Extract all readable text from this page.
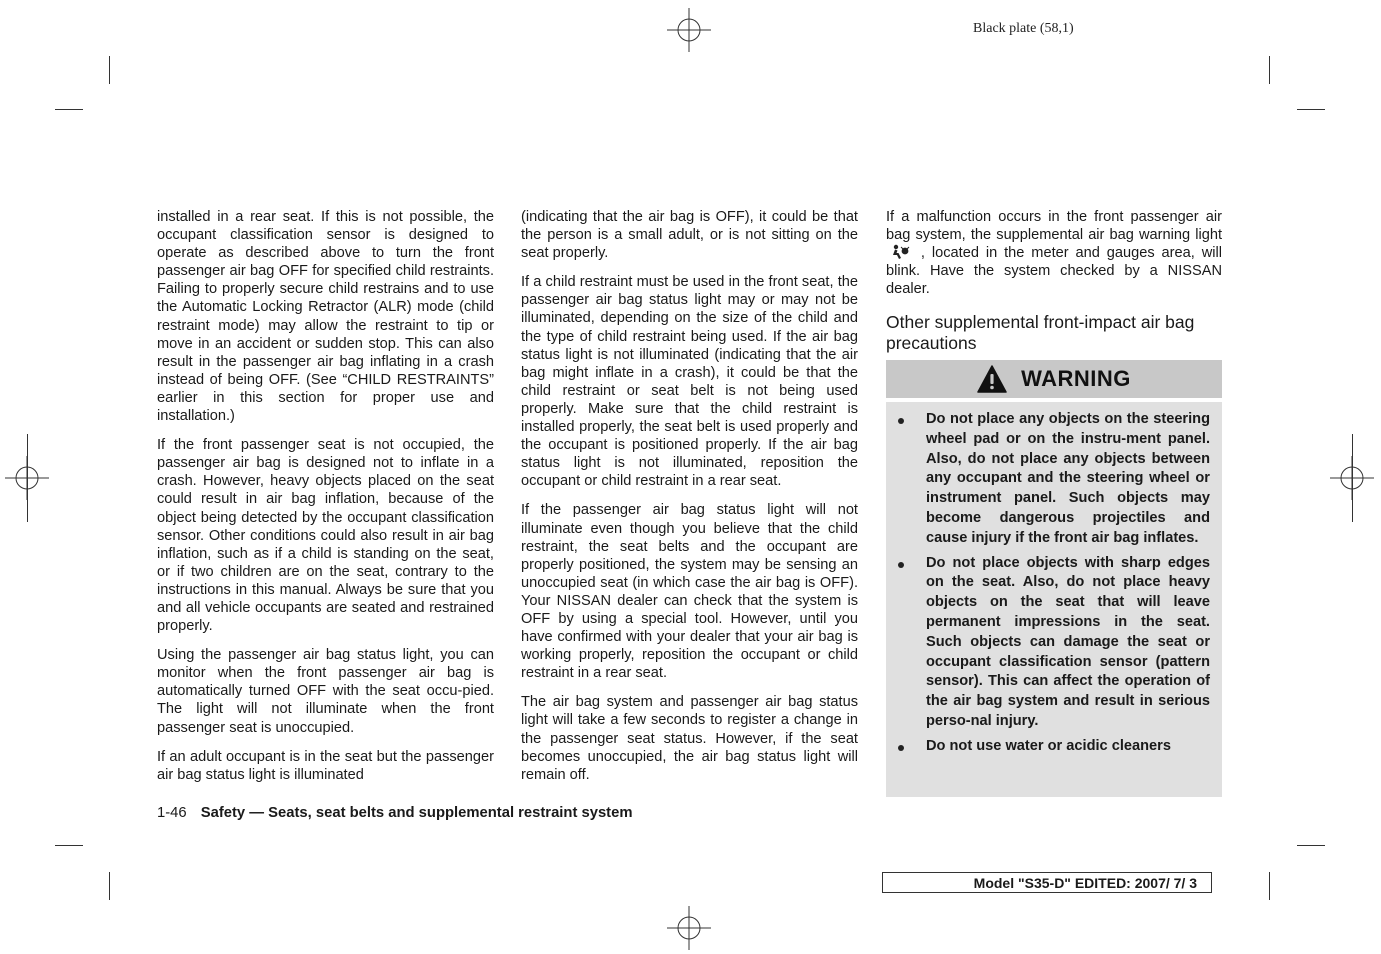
Black plate (58,1)

installed in a rear seat. If this is not possible, the occupant classification sensor is designed to operate as described above to turn the front passenger air bag OFF for specified child restraints. Failing to properly secure child restrains and to use the Automatic Locking Retractor (ALR) mode (child restraint mode) may allow the restraint to tip or move in an accident or sudden stop. This can also result in the passenger air bag inflating in a crash instead of being OFF. (See “CHILD RESTRAINTS” earlier in this section for proper use and installation.)

If the front passenger seat is not occupied, the passenger air bag is designed not to inflate in a crash. However, heavy objects placed on the seat could result in air bag inflation, because of the object being detected by the occupant classification sensor. Other conditions could also result in air bag inflation, such as if a child is standing on the seat, or if two children are on the seat, contrary to the instructions in this manual. Always be sure that you and all vehicle occupants are seated and restrained properly.

Using the passenger air bag status light, you can monitor when the front passenger air bag is automatically turned OFF with the seat occu-pied. The light will not illuminate when the front passenger seat is unoccupied.

If an adult occupant is in the seat but the passenger air bag status light is illuminated

(indicating that the air bag is OFF), it could be that the person is a small adult, or is not sitting on the seat properly.

If a child restraint must be used in the front seat, the passenger air bag status light may or may not be illuminated, depending on the size of the child and the type of child restraint being used. If the air bag status light is not illuminated (indicating that the air bag might inflate in a crash), it could be that the child restraint or seat belt is not being used properly. Make sure that the child restraint is installed properly, the seat belt is used properly and the occupant is positioned properly. If the air bag status light is not illuminated, reposition the occupant or child restraint in a rear seat.

If the passenger air bag status light will not illuminate even though you believe that the child restraint, the seat belts and the occupant are properly positioned, the system may be sensing an unoccupied seat (in which case the air bag is OFF). Your NISSAN dealer can check that the system is OFF by using a special tool. However, until you have confirmed with your dealer that your air bag is working properly, reposition the occupant or child restraint in a rear seat.

The air bag system and passenger air bag status light will take a few seconds to register a change in the passenger seat status. However, if the seat becomes unoccupied, the air bag status light will remain off.

If a malfunction occurs in the front passenger air bag system, the supplemental air bag warning light  , located in the meter and gauges area, will blink. Have the system checked by a NISSAN dealer.

Other supplemental front-impact air bag precautions
WARNING
Do not place any objects on the steering wheel pad or on the instru-ment panel. Also, do not place any objects between any occupant and the steering wheel or instrument panel. Such objects may become dangerous projectiles and cause injury if the front air bag inflates.
Do not place objects with sharp edges on the seat. Also, do not place heavy objects on the seat that will leave permanent impressions in the seat. Such objects can damage the seat or occupant classification sensor (pattern sensor). This can affect the operation of the air bag system and result in serious perso-nal injury.
Do not use water or acidic cleaners
1-46 Safety — Seats, seat belts and supplemental restraint system
Model "S35-D" EDITED: 2007/ 7/ 3
